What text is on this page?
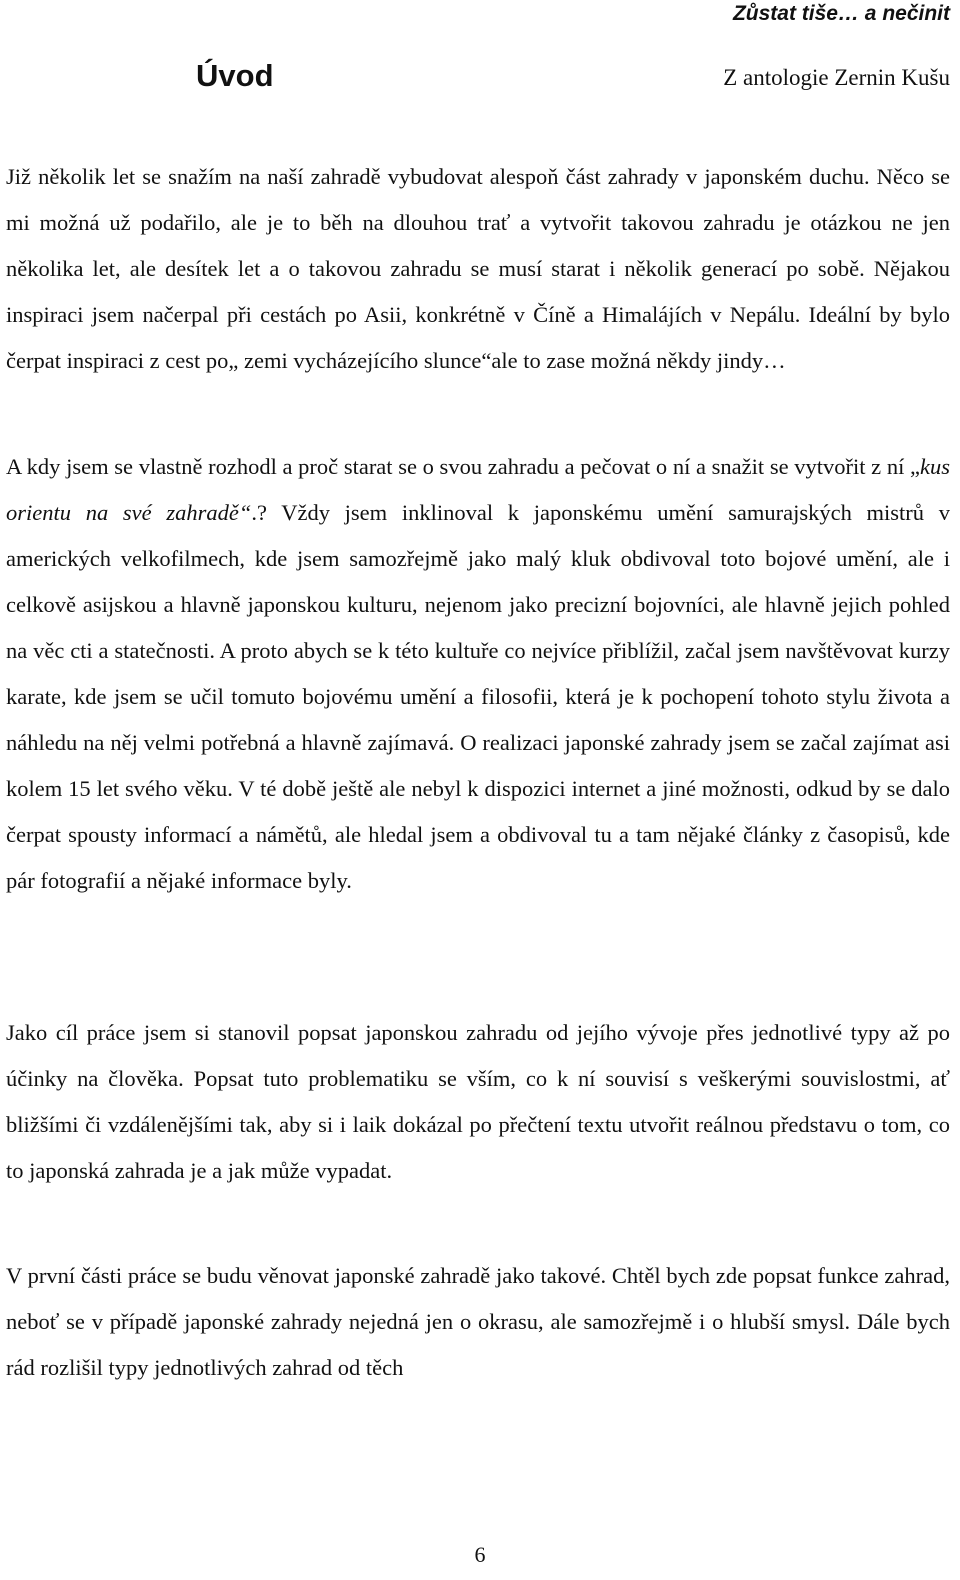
Zůstat tiše… a nečinit
Úvod	Z antologie Zernin Kušu

Již několik let se snažím na naší zahradě vybudovat alespoň část zahrady v japonském duchu. Něco se mi možná už podařilo, ale je to běh na dlouhou trať a vytvořit takovou zahradu je otázkou ne jen několika let, ale desítek let a o takovou zahradu se musí starat i několik generací po sobě. Nějakou inspiraci jsem načerpal při cestách po Asii, konkrétně v Číně a Himalájích v Nepálu. Ideální by bylo čerpat inspiraci z cest po„ zemi vycházejícího slunce“ale to zase možná někdy jindy…

A kdy jsem se vlastně rozhodl a proč starat se o svou zahradu a pečovat o ní a snažit se vytvořit z ní „kus orientu na své zahradě“.? Vždy jsem inklinoval k japonskému umění samurajských mistrů v amerických velkofilmech, kde jsem samozřejmě jako malý kluk obdivoval toto bojové umění, ale i celkově asijskou a hlavně japonskou kulturu, nejenom jako precizní bojovníci, ale hlavně jejich pohled na věc cti a statečnosti. A proto abych se k této kultuře co nejvíce přiblížil, začal jsem navštěvovat kurzy karate, kde jsem se učil tomuto bojovému umění a filosofii, která je k pochopení tohoto stylu života a náhledu na něj velmi potřebná a hlavně zajímavá. O realizaci japonské zahrady jsem se začal zajímat asi kolem 15 let svého věku. V té době ještě ale nebyl k dispozici internet a jiné možnosti, odkud by se dalo čerpat spousty informací a námětů, ale hledal jsem a obdivoval tu a tam nějaké články z časopisů, kde pár fotografií a nějaké informace byly.

Jako cíl práce jsem si stanovil popsat japonskou zahradu od jejího vývoje přes jednotlivé typy až po účinky na člověka. Popsat tuto problematiku se vším, co k ní souvisí s veškerými souvislostmi, ať bližšími či vzdálenějšími tak, aby si i laik dokázal po přečtení textu utvořit reálnou představu o tom, co to japonská zahrada je a jak může vypadat.

V první části práce se budu věnovat japonské zahradě jako takové. Chtěl bych zde popsat funkce zahrad, neboť se v případě japonské zahrady nejedná jen o okrasu, ale samozřejmě i o hlubší smysl. Dále bych rád rozlišil typy jednotlivých zahrad od těch

6
